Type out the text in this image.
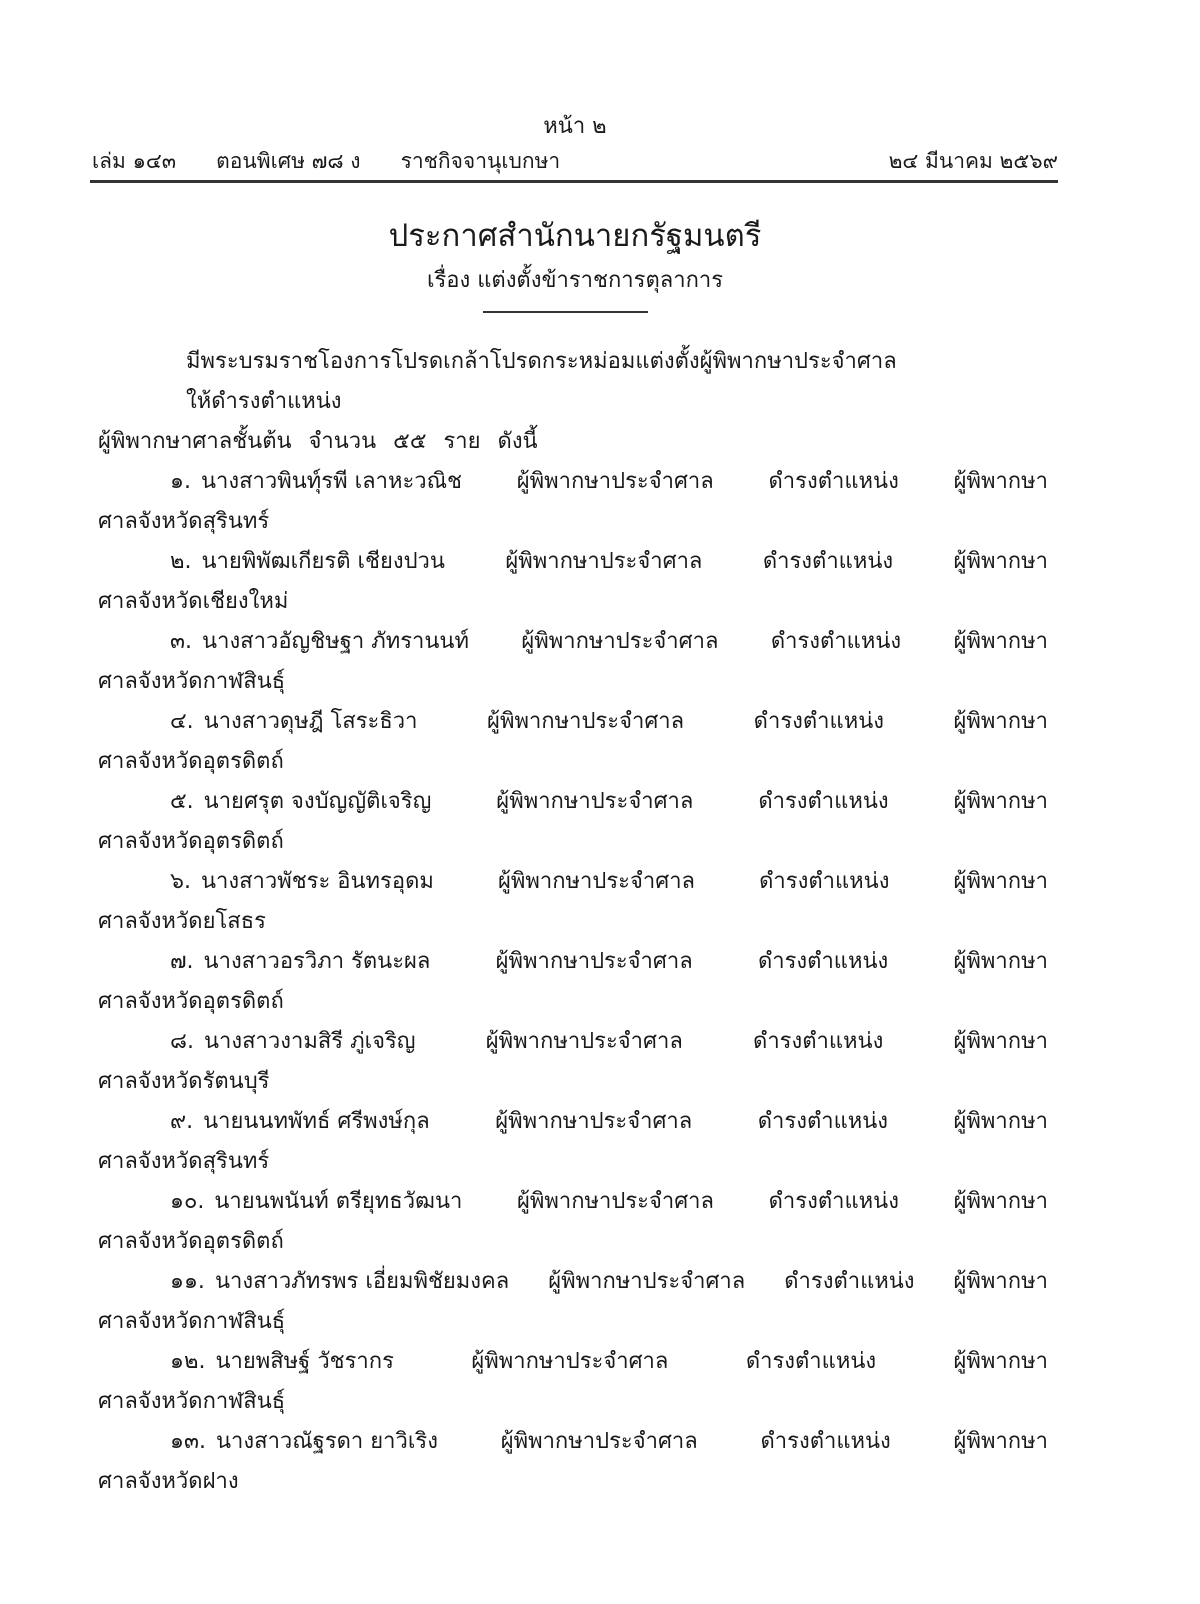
หน้า ๒
เล่ม ๑๔๓ ตอนพิเศษ ๗๘ ง ราชกิจจานุเบกษา	๒๔ มีนาคม ๒๕๖๙
ประกาศสำนักนายกรัฐมนตรี
เรื่อง แต่งตั้งข้าราชการตุลาการ
มีพระบรมราชโองการโปรดเกล้าโปรดกระหม่อมแต่งตั้งผู้พิพากษาประจำศาล
ให้ดำรงตำแหน่ง
ผู้พิพากษาศาลชั้นต้น จำนวน ๕๕ ราย ดังนี้
๑. นางสาวพินทุ์รพี เลาหะวณิช ผู้พิพากษาประจำศาล ดำรงตำแหน่ง ผู้พิพากษา
ศาลจังหวัดสุรินทร์
๒. นายพิพัฒเกียรติ เชียงปวน	ผู้พิพากษาประจำศาล	ดำรงตำแหน่ง	ผู้พิพากษา
ศาลจังหวัดเชียงใหม่
๓. นางสาวอัญชิษฐา ภัทรานนท์ ผู้พิพากษาประจำศาล ดำรงตำแหน่ง ผู้พิพากษา
ศาลจังหวัดกาฬสินธุ์
๔. นางสาวดุษฎี โสระธิวา	ผู้พิพากษาประจำศาล	ดำรงตำแหน่ง	ผู้พิพากษา
ศาลจังหวัดอุตรดิตถ์
๕. นายศรุต จงบัญญัติเจริญ	ผู้พิพากษาประจำศาล	ดำรงตำแหน่ง	ผู้พิพากษา
ศาลจังหวัดอุตรดิตถ์
๖. นางสาวพัชระ อินทรอุดม	ผู้พิพากษาประจำศาล	ดำรงตำแหน่ง	ผู้พิพากษา
ศาลจังหวัดยโสธร
๗. นางสาวอรวิภา รัตนะผล	ผู้พิพากษาประจำศาล	ดำรงตำแหน่ง	ผู้พิพากษา
ศาลจังหวัดอุตรดิตถ์
๘. นางสาวงามสิรี ภู่เจริญ	ผู้พิพากษาประจำศาล	ดำรงตำแหน่ง	ผู้พิพากษา
ศาลจังหวัดรัตนบุรี
๙. นายนนทพัทธ์ ศรีพงษ์กุล	ผู้พิพากษาประจำศาล	ดำรงตำแหน่ง	ผู้พิพากษา
ศาลจังหวัดสุรินทร์
๑๐. นายนพนันท์ ตรียุทธวัฒนา ผู้พิพากษาประจำศาล ดำรงตำแหน่ง ผู้พิพากษา
ศาลจังหวัดอุตรดิตถ์
๑๑. นางสาวภัทรพร เอี่ยมพิชัยมงคล ผู้พิพากษาประจำศาล ดำรงตำแหน่ง ผู้พิพากษา
ศาลจังหวัดกาฬสินธุ์
๑๒. นายพสิษฐ์ วัชรากร	ผู้พิพากษาประจำศาล	ดำรงตำแหน่ง	ผู้พิพากษา
ศาลจังหวัดกาฬสินธุ์
๑๓. นางสาวณัฐรดา ยาวิเริง	ผู้พิพากษาประจำศาล	ดำรงตำแหน่ง	ผู้พิพากษา
ศาลจังหวัดฝาง
